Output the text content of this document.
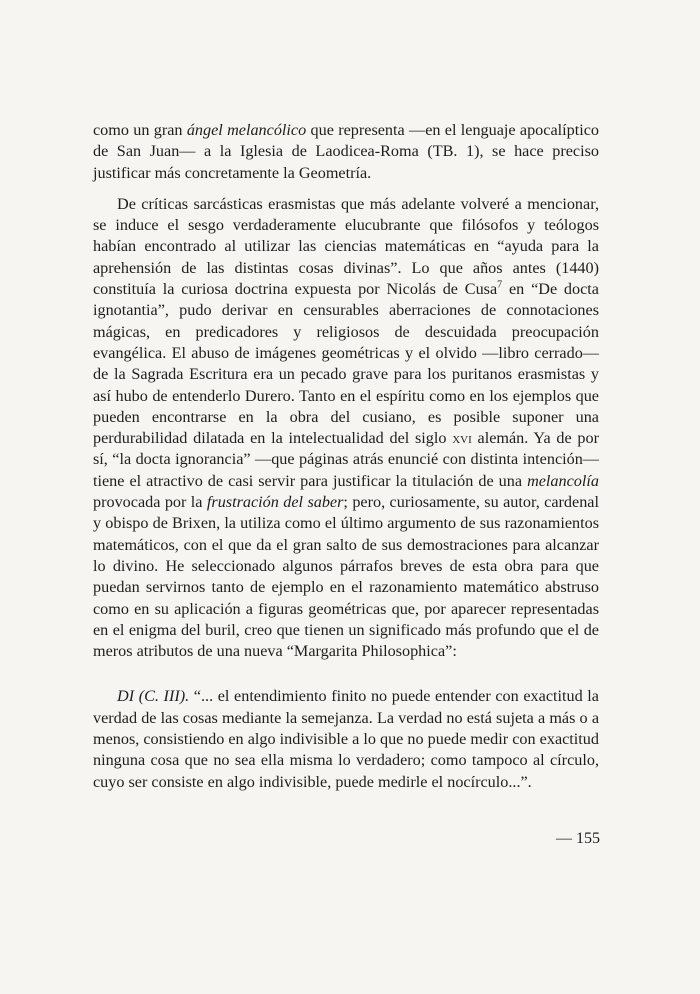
como un gran ángel melancólico que representa —en el lenguaje apocalíptico de San Juan— a la Iglesia de Laodicea-Roma (TB. 1), se hace preciso justificar más concretamente la Geometría.

De críticas sarcásticas erasmistas que más adelante volveré a mencionar, se induce el sesgo verdaderamente elucubrante que filósofos y teólogos habían encontrado al utilizar las ciencias matemáticas en “ayuda para la aprehensión de las distintas cosas divinas”. Lo que años antes (1440) constituía la curiosa doctrina expuesta por Nicolás de Cusa$^7$ en “De docta ignotantia”, pudo derivar en censurables aberraciones de connotaciones mágicas, en predicadores y religiosos de descuidada preocupación evangélica. El abuso de imágenes geométricas y el olvido —libro cerrado— de la Sagrada Escritura era un pecado grave para los puritanos erasmistas y así hubo de entenderlo Durero. Tanto en el espíritu como en los ejemplos que pueden encontrarse en la obra del cusiano, es posible suponer una perdurabilidad dilatada en la intelectualidad del siglo xvi alemán. Ya de por sí, “la docta ignorancia” —que páginas atrás enuncié con distinta intención— tiene el atractivo de casi servir para justificar la titulación de una melancolía provocada por la frustración del saber; pero, curiosamente, su autor, cardenal y obispo de Brixen, la utiliza como el último argumento de sus razonamientos matemáticos, con el que da el gran salto de sus demostraciones para alcanzar lo divino. He seleccionado algunos párrafos breves de esta obra para que puedan servirnos tanto de ejemplo en el razonamiento matemático abstruso como en su aplicación a figuras geométricas que, por aparecer representadas en el enigma del buril, creo que tienen un significado más profundo que el de meros atributos de una nueva “Margarita Philosophica”:

DI (C. III). “... el entendimiento finito no puede entender con exactitud la verdad de las cosas mediante la semejanza. La verdad no está sujeta a más o a menos, consistiendo en algo indivisible a lo que no puede medir con exactitud ninguna cosa que no sea ella misma lo verdadero; como tampoco al círculo, cuyo ser consiste en algo indivisible, puede medirle el nocírculo...”.

— 155
